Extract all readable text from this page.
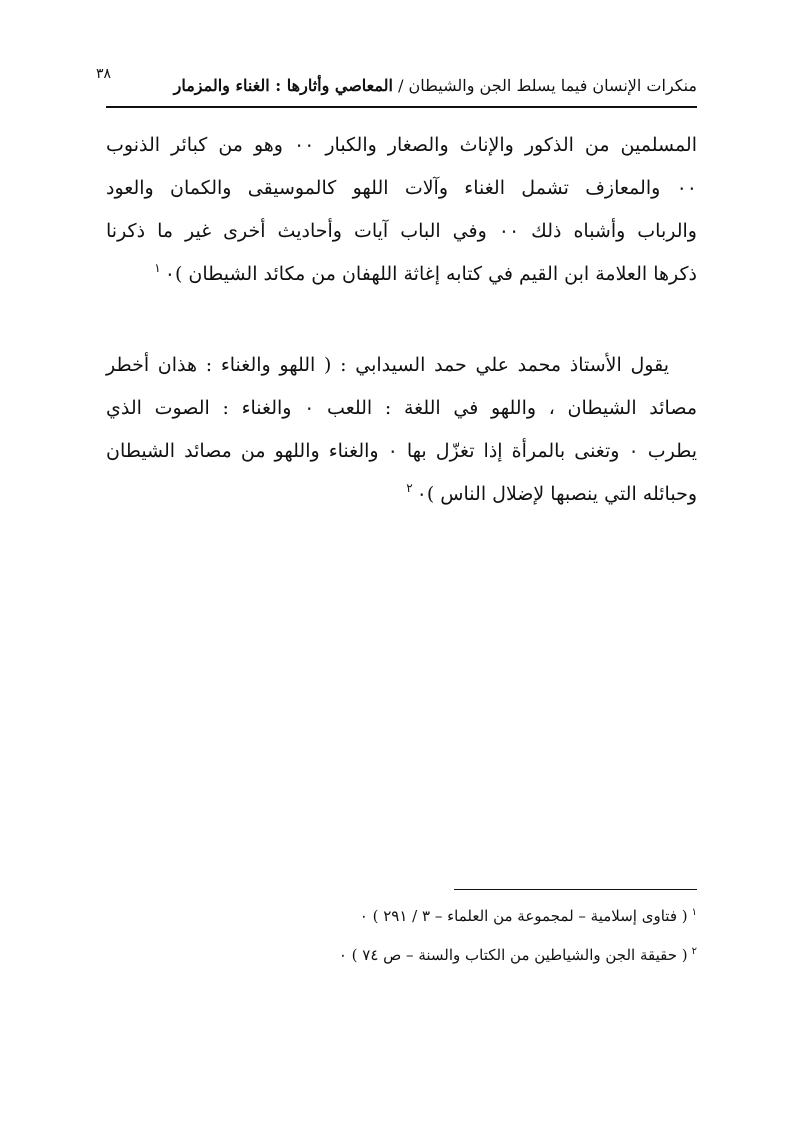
٣٨
منكرات الإنسان فيما يسلط الجن والشيطان / المعاصي وأثارها : الغناء والمزمار
المسلمين من الذكور والإناث والصغار والكبار ٠٠ وهو من كبائر الذنوب
٠٠ والمعازف تشمل الغناء وآلات اللهو كالموسيقى والكمان والعود
والرباب وأشباه ذلك ٠٠ وفي الباب آيات وأحاديث أخرى غير ما ذكرنا
ذكرها العلامة ابن القيم في كتابه إغاثة اللهفان من مكائد الشيطان )$^١$ ٠
يقول الأستاذ محمد علي حمد السيدابي : ( اللهو والغناء : هذان أخطر
مصائد الشيطان ، واللهو في اللغة : اللعب ٠ والغناء : الصوت الذي
يطرب ٠ وتغنى بالمرأة إذا تغزّل بها ٠ والغناء واللهو من مصائد الشيطان
وحبائله التي ينصبها لإضلال الناس )$^٢$ ٠
$^١$( فتاوى إسلامية – لمجموعة من العلماء – ٣ / ٢٩١ ) ٠
$^٢$( حقيقة الجن والشياطين من الكتاب والسنة – ص ٧٤ ) ٠
